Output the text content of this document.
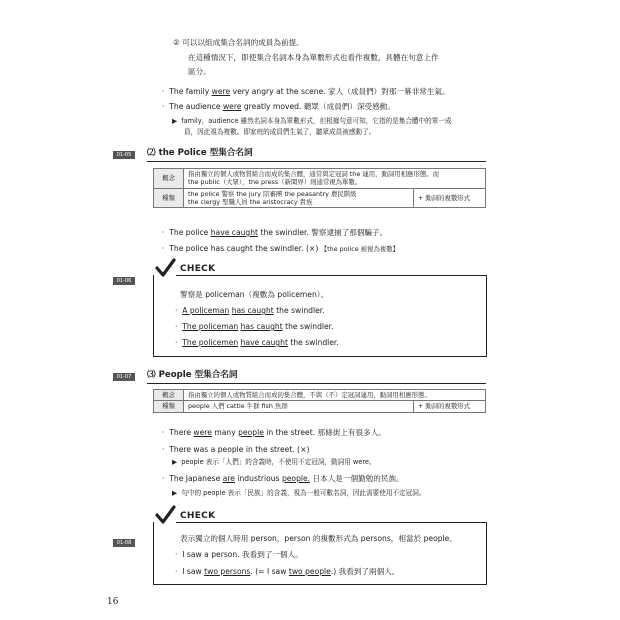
② 可以以組成集合名詞的成員為前提。
在這種情況下，即使集合名詞本身為單數形式也看作複數，具體在句意上作
區分。
· The family were very angry at the scene. 家人（成員們）對那一幕非常生氣。
· The audience were greatly moved. 聽眾（成員們）深受感動。
▶ family，audience 雖然名詞本身為單數形式，但根據句意可知，它指的是集合體中的單一成
員，因此視為複數。即家庭的成員們生氣了，聽眾成員被感動了。
01-05	⑵ the Police 型集合名詞
概念	指由獨立的個人或物質組合而成的集合體，通常與定冠詞 the 連用，動詞用相應形態。而
the public（大眾），the press（新聞界）則通常視為單數。	

種類	the police 警察 the jury 陪審團 the peasantry 農民階級
the clergy 聖職人員 the aristocracy 貴族	+ 動詞的複數形式
· The police have caught the swindler. 警察逮捕了那個騙子。
· The police has caught the swindler. (×) 【the police 被視為複數】
01-06
CHECK
警察是 policeman（複數為 policemen）。
· A policeman has caught the swindler.
· The policeman has caught the swindler.
· The policemen have caught the swindler.
01-07	⑶ People 型集合名詞
概念	指由獨立的個人或物質組合而成的集合體，不與（不）定冠詞連用，動詞用相應形態。	
種類	people 人們 cattle 牛群 fish 魚群	+ 動詞的複數形式
· There were many people in the street. 那條街上有很多人。
· There was a people in the street. (×)
▶ people 表示「人們」的含義時，不使用不定冠詞，動詞用 were。
· The Japanese are industrious people. 日本人是一個勤勉的民族。
▶ 句中的 people 表示「民族」的含義，視為一般可數名詞，因此需要使用不定冠詞。
01-08
CHECK
表示獨立的個人時用 person，person 的複數形式為 persons，相當於 people。
· I saw a person. 我看到了一個人。
· I saw two persons. (= I saw two people.) 我看到了兩個人。
16
